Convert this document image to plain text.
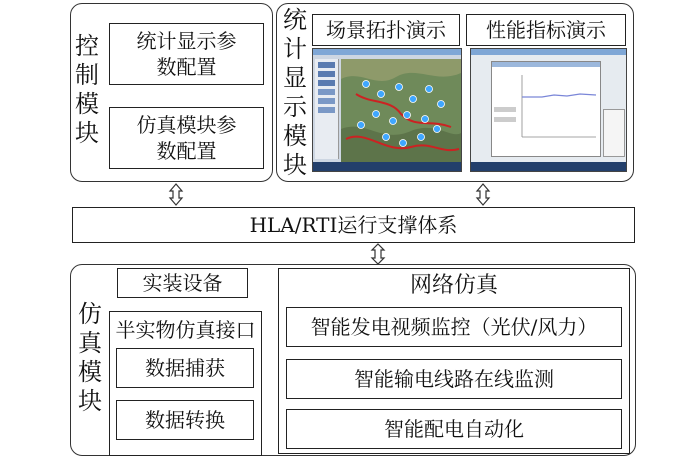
控制模块
统计显示参数配置
仿真模块参数配置
统计显示模块
场景拓扑演示 性能指标演示
HLA/RTI运行支撑体系
仿真模块
实装设备
半实物仿真接口
数据捕获
数据转换
网络仿真
智能发电视频监控（光伏/风力）
智能输电线路在线监测
智能配电自动化
